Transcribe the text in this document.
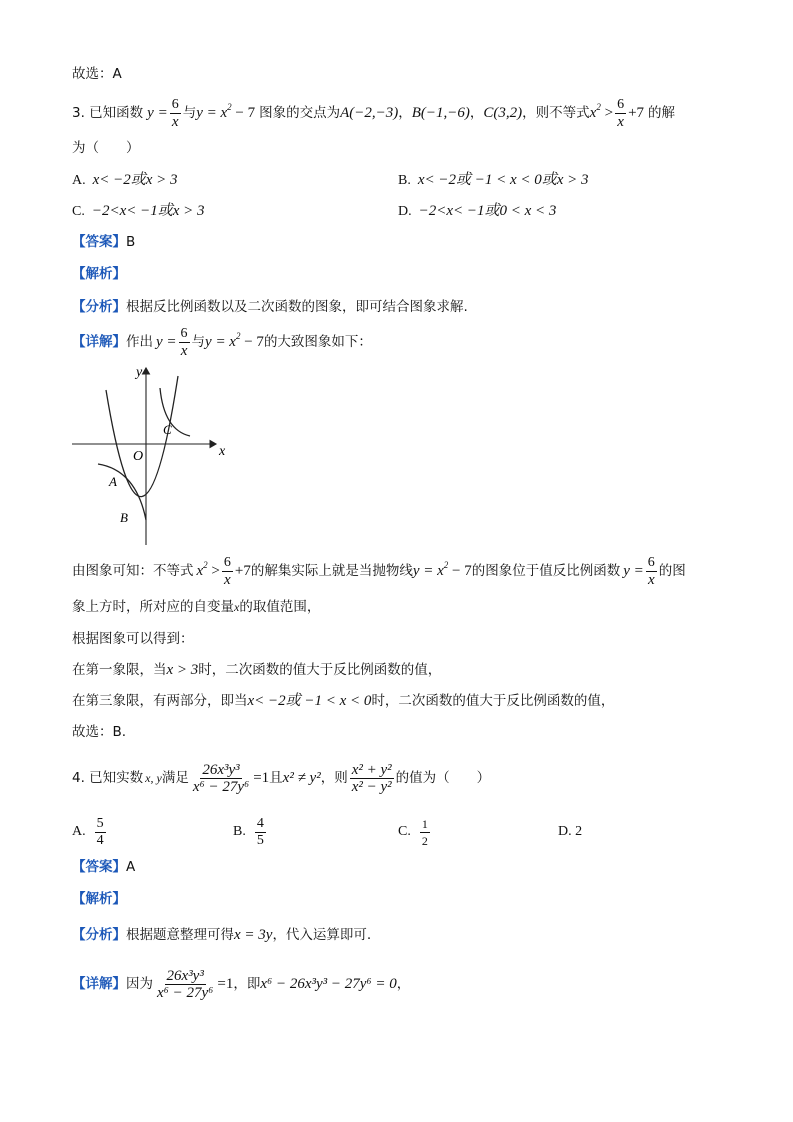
故选：A
3. 已知函数 $y = \frac{6}{x}$ 与 $y = x^2 - 7$ 图象的交点为 A(−2,−3) ， B(−1,−6) ， C(3,2) ，则不等式 $x^2 > \frac{6}{x} +7$ 的解
为（　　）
A. x< −2或x > 3	B. x< −2或 −1 < x < 0或x > 3
C. −2<x< −1或x > 3	D. −2<x< −1或0 < x < 3
【答案】B
【解析】
【分析】根据反比例函数以及二次函数的图象，即可结合图象求解.
【详解】 作出 $y = \frac{6}{x}$ 与 $y = x^2 - 7$ 的大致图象如下：
y
x
O
A
B
C
由图象可知：不等式 $x^2 > \frac{6}{x} +7$ 的解集实际上就是当抛物线 $y = x^2 - 7$ 的图象位于值反比例函数 $y = \frac{6}{x}$ 的图
象上方时，所对应的自变量x的取值范围，
根据图象可以得到：
在第一象限，当x > 3时，二次函数的值大于反比例函数的值，
在第三象限，有两部分，即当x< −2或 −1 < x < 0时，二次函数的值大于反比例函数的值，
故选：B.
4. 已知实数 x, y 满足 $\frac{\text{26x³y³}}{\text{x⁶ − 27y⁶}} =1$ 且 x² ≠ y² ，则 $\frac{\text{x² + y²}}{\text{x² − y²}}$ 的值为（　　）
A.
$\frac{5}{4}$	B.
$\frac{4}{5}$	C.
$\frac{1}{2}$	D. 2
【答案】A
【解析】
【分析】根据题意整理可得x = 3y，代入运算即可.
【详解】 因为 $\frac{\text{26x³y³}}{\text{x⁶ − 27y⁶}} =1$ ，即 x⁶ − 26x³y³ − 27y⁶ = 0 ，
